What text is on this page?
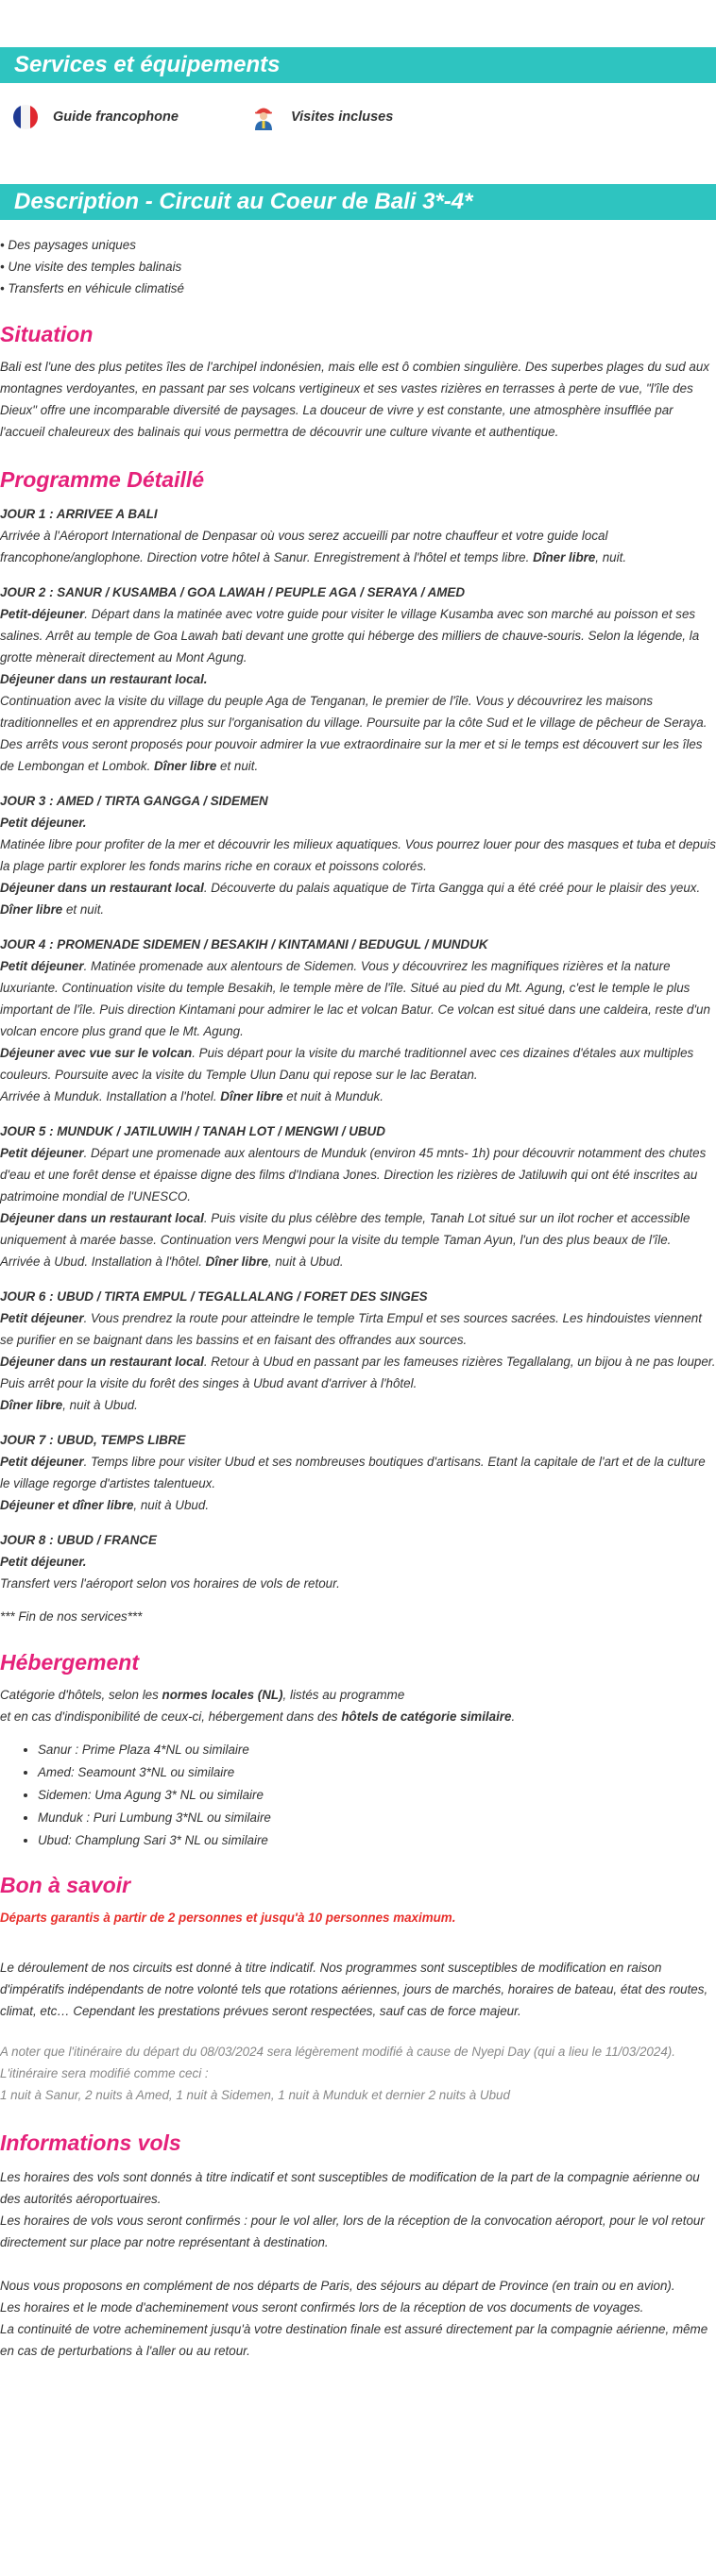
Services et équipements
Guide francophone	Visites incluses
Description - Circuit au Coeur de Bali 3*-4*

• Des paysages uniques

• Une visite des temples balinais

• Transferts en véhicule climatisé

Situation

Bali est l'une des plus petites îles de l'archipel indonésien, mais elle est ô combien singulière. Des superbes plages du sud aux montagnes verdoyantes, en passant par ses volcans vertigineux et ses vastes rizières en terrasses à perte de vue, "l'île des Dieux" offre une incomparable diversité de paysages. La douceur de vivre y est constante, une atmosphère insufflée par l'accueil chaleureux des balinais qui vous permettra de découvrir une culture vivante et authentique.

Programme Détaillé

JOUR 1 : ARRIVEE A BALI

Arrivée à l'Aéroport International de Denpasar où vous serez accueilli par notre chauffeur et votre guide local francophone/anglophone. Direction votre hôtel à Sanur. Enregistrement à l'hôtel et temps libre. Dîner libre, nuit.

JOUR 2 : SANUR / KUSAMBA / GOA LAWAH / PEUPLE AGA / SERAYA / AMED

Petit-déjeuner. Départ dans la matinée avec votre guide pour visiter le village Kusamba avec son marché au poisson et ses salines. Arrêt au temple de Goa Lawah bati devant une grotte qui héberge des milliers de chauve-souris. Selon la légende, la grotte mènerait directement au Mont Agung.

Déjeuner dans un restaurant local.

Continuation avec la visite du village du peuple Aga de Tenganan, le premier de l'île. Vous y découvrirez les maisons traditionnelles et en apprendrez plus sur l'organisation du village. Poursuite par la côte Sud et le village de pêcheur de Seraya. Des arrêts vous seront proposés pour pouvoir admirer la vue extraordinaire sur la mer et si le temps est découvert sur les îles de Lembongan et Lombok. Dîner libre et nuit.

JOUR 3 : AMED / TIRTA GANGGA / SIDEMEN

Petit déjeuner.

Matinée libre pour profiter de la mer et découvrir les milieux aquatiques. Vous pourrez louer pour des masques et tuba et depuis la plage partir explorer les fonds marins riche en coraux et poissons colorés.

Déjeuner dans un restaurant local. Découverte du palais aquatique de Tirta Gangga qui a été créé pour le plaisir des yeux.

Dîner libre et nuit.

JOUR 4 : PROMENADE SIDEMEN / BESAKIH / KINTAMANI / BEDUGUL / MUNDUK

Petit déjeuner. Matinée promenade aux alentours de Sidemen. Vous y découvrirez les magnifiques rizières et la nature luxuriante. Continuation visite du temple Besakih, le temple mère de l'île. Situé au pied du Mt. Agung, c'est le temple le plus important de l'île. Puis direction Kintamani pour admirer le lac et volcan Batur. Ce volcan est situé dans une caldeira, reste d'un volcan encore plus grand que le Mt. Agung.

Déjeuner avec vue sur le volcan. Puis départ pour la visite du marché traditionnel avec ces dizaines d'étales aux multiples couleurs. Poursuite avec la visite du Temple Ulun Danu qui repose sur le lac Beratan.

Arrivée à Munduk. Installation a l'hotel. Dîner libre et nuit à Munduk.

JOUR 5 : MUNDUK / JATILUWIH / TANAH LOT / MENGWI / UBUD

Petit déjeuner. Départ une promenade aux alentours de Munduk (environ 45 mnts- 1h) pour découvrir notamment des chutes d'eau et une forêt dense et épaisse digne des films d'Indiana Jones. Direction les rizières de Jatiluwih qui ont été inscrites au patrimoine mondial de l'UNESCO.

Déjeuner dans un restaurant local. Puis visite du plus célèbre des temple, Tanah Lot situé sur un ilot rocher et accessible uniquement à marée basse. Continuation vers Mengwi pour la visite du temple Taman Ayun, l'un des plus beaux de l'île.

Arrivée à Ubud. Installation à l'hôtel. Dîner libre, nuit à Ubud.

JOUR 6 : UBUD / TIRTA EMPUL / TEGALLALANG / FORET DES SINGES

Petit déjeuner. Vous prendrez la route pour atteindre le temple Tirta Empul et ses sources sacrées. Les hindouistes viennent se purifier en se baignant dans les bassins et en faisant des offrandes aux sources.

Déjeuner dans un restaurant local. Retour à Ubud en passant par les fameuses rizières Tegallalang, un bijou à ne pas louper. Puis arrêt pour la visite du forêt des singes à Ubud avant d'arriver à l'hôtel.

Dîner libre, nuit à Ubud.

JOUR 7 : UBUD, TEMPS LIBRE

Petit déjeuner. Temps libre pour visiter Ubud et ses nombreuses boutiques d'artisans. Etant la capitale de l'art et de la culture le village regorge d'artistes talentueux.

Déjeuner et dîner libre, nuit à Ubud.

JOUR 8 : UBUD / FRANCE

Petit déjeuner.

Transfert vers l'aéroport selon vos horaires de vols de retour.

*** Fin de nos services***

Hébergement

Catégorie d'hôtels, selon les normes locales (NL), listés au programme

et en cas d'indisponibilité de ceux-ci, hébergement dans des hôtels de catégorie similaire.

• Sanur : Prime Plaza 4*NL ou similaire
• Amed: Seamount 3*NL ou similaire
• Sidemen: Uma Agung 3* NL ou similaire
• Munduk : Puri Lumbung 3*NL ou similaire
• Ubud: Champlung Sari 3* NL ou similaire
Bon à savoir

Départs garantis à partir de 2 personnes et jusqu'à 10 personnes maximum.

Le déroulement de nos circuits est donné à titre indicatif. Nos programmes sont susceptibles de modification en raison d'impératifs indépendants de notre volonté tels que rotations aériennes, jours de marchés, horaires de bateau, état des routes, climat, etc… Cependant les prestations prévues seront respectées, sauf cas de force majeur.

A noter que l'itinéraire du départ du 08/03/2024 sera légèrement modifié à cause de Nyepi Day (qui a lieu le 11/03/2024).

L'itinéraire sera modifié comme ceci :

1 nuit à Sanur, 2 nuits à Amed, 1 nuit à Sidemen, 1 nuit à Munduk et dernier 2 nuits à Ubud

Informations vols

Les horaires des vols sont donnés à titre indicatif et sont susceptibles de modification de la part de la compagnie aérienne ou des autorités aéroportuaires.

Les horaires de vols vous seront confirmés : pour le vol aller, lors de la réception de la convocation aéroport, pour le vol retour directement sur place par notre représentant à destination.

Nous vous proposons en complément de nos départs de Paris, des séjours au départ de Province (en train ou en avion).

Les horaires et le mode d'acheminement vous seront confirmés lors de la réception de vos documents de voyages.

La continuité de votre acheminement jusqu'à votre destination finale est assuré directement par la compagnie aérienne, même en cas de perturbations à l'aller ou au retour.
